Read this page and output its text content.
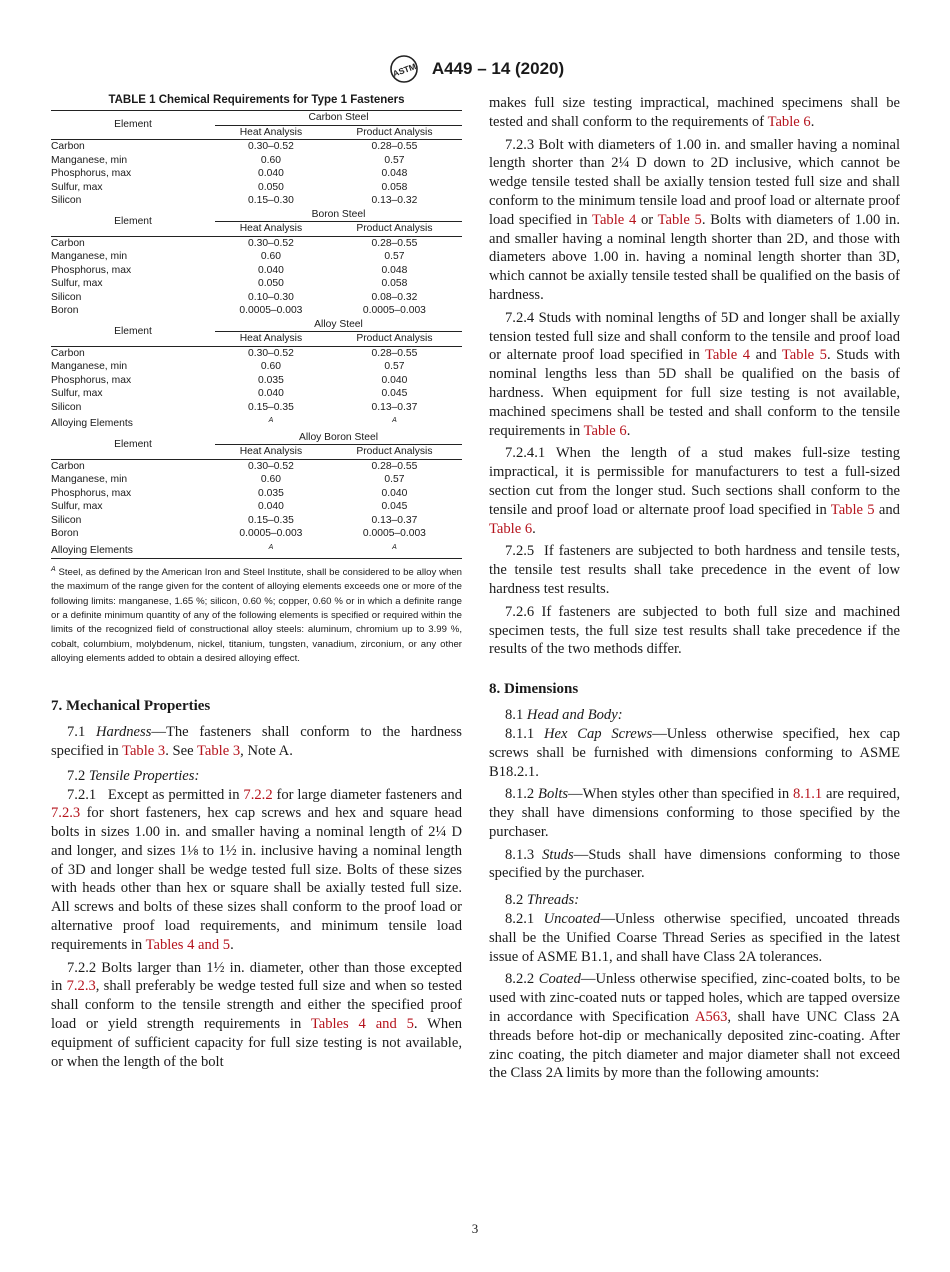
ASTM A449 – 14 (2020)
TABLE 1 Chemical Requirements for Type 1 Fasteners
Element	Carbon Steel	
	Heat Analysis	Product Analysis
Carbon	0.30–0.52	0.28–0.55
Manganese, min	0.60	0.57
Phosphorus, max	0.040	0.048
Sulfur, max	0.050	0.058
Silicon	0.15–0.30	0.13–0.32
Element	Boron Steel	
	Heat Analysis	Product Analysis
Carbon	0.30–0.52	0.28–0.55
Manganese, min	0.60	0.57
Phosphorus, max	0.040	0.048
Sulfur, max	0.050	0.058
Silicon	0.10–0.30	0.08–0.32
Boron	0.0005–0.003	0.0005–0.003
Element	Alloy Steel	
	Heat Analysis	Product Analysis
Carbon	0.30–0.52	0.28–0.55
Manganese, min	0.60	0.57
Phosphorus, max	0.035	0.040
Sulfur, max	0.040	0.045
Silicon	0.15–0.35	0.13–0.37
Alloying Elements	$^A$	$^A$
Element	Alloy Boron Steel	
	Heat Analysis	Product Analysis
Carbon	0.30–0.52	0.28–0.55
Manganese, min	0.60	0.57
Phosphorus, max	0.035	0.040
Sulfur, max	0.040	0.045
Silicon	0.15–0.35	0.13–0.37
Boron	0.0005–0.003	0.0005–0.003
Alloying Elements	$^A$	$^A$
$^A$ Steel, as defined by the American Iron and Steel Institute, shall be considered to be alloy when the maximum of the range given for the content of alloying elements exceeds one or more of the following limits: manganese, 1.65 %; silicon, 0.60 %; copper, 0.60 % or in which a definite range or a definite minimum quantity of any of the following elements is specified or required within the limits of the recognized field of constructional alloy steels: aluminum, chromium up to 3.99 %, cobalt, columbium, molybdenum, nickel, titanium, tungsten, vanadium, zirconium, or any other alloying elements added to obtain a desired alloying effect.
7. Mechanical Properties

7.1 Hardness—The fasteners shall conform to the hardness specified in Table 3. See Table 3, Note A.

7.2 Tensile Properties:

7.2.1 Except as permitted in 7.2.2 for large diameter fasteners and 7.2.3 for short fasteners, hex cap screws and hex and square head bolts in sizes 1.00 in. and smaller having a nominal length of 2¼ D and longer, and sizes 1⅛ to 1½ in. inclusive having a nominal length of 3D and longer shall be wedge tested full size. Bolts of these sizes with heads other than hex or square shall be axially tested full size. All screws and bolts of these sizes shall conform to the proof load or alternative proof load requirements, and minimum tensile load requirements in Tables 4 and 5.

7.2.2 Bolts larger than 1½ in. diameter, other than those excepted in 7.2.3, shall preferably be wedge tested full size and when so tested shall conform to the tensile strength and either the specified proof load or yield strength requirements in Tables 4 and 5. When equipment of sufficient capacity for full size testing is not available, or when the length of the bolt

makes full size testing impractical, machined specimens shall be tested and shall conform to the requirements of Table 6.

7.2.3 Bolt with diameters of 1.00 in. and smaller having a nominal length shorter than 2¼ D down to 2D inclusive, which cannot be wedge tensile tested shall be axially tension tested full size and shall conform to the minimum tensile load and proof load or alternate proof load specified in Table 4 or Table 5. Bolts with diameters of 1.00 in. and smaller having a nominal length shorter than 2D, and those with diameters above 1.00 in. having a nominal length shorter than 3D, which cannot be axially tensile tested shall be qualified on the basis of hardness.

7.2.4 Studs with nominal lengths of 5D and longer shall be axially tension tested full size and shall conform to the tensile and proof load or alternate proof load specified in Table 4 and Table 5. Studs with nominal lengths less than 5D shall be qualified on the basis of hardness. When equipment for full size testing is not available, machined specimens shall be tested and shall conform to the tensile requirements in Table 6.

7.2.4.1 When the length of a stud makes full-size testing impractical, it is permissible for manufacturers to test a full-sized section cut from the longer stud. Such sections shall conform to the tensile and proof load or alternate proof load specified in Table 5 and Table 6.

7.2.5 If fasteners are subjected to both hardness and tensile tests, the tensile test results shall take precedence in the event of low hardness test results.

7.2.6 If fasteners are subjected to both full size and machined specimen tests, the full size test results shall take precedence if the results of the two methods differ.

8. Dimensions

8.1 Head and Body:

8.1.1 Hex Cap Screws—Unless otherwise specified, hex cap screws shall be furnished with dimensions conforming to ASME B18.2.1.

8.1.2 Bolts—When styles other than specified in 8.1.1 are required, they shall have dimensions conforming to those specified by the purchaser.

8.1.3 Studs—Studs shall have dimensions conforming to those specified by the purchaser.

8.2 Threads:

8.2.1 Uncoated—Unless otherwise specified, uncoated threads shall be the Unified Coarse Thread Series as specified in the latest issue of ASME B1.1, and shall have Class 2A tolerances.

8.2.2 Coated—Unless otherwise specified, zinc-coated bolts, to be used with zinc-coated nuts or tapped holes, which are tapped oversize in accordance with Specification A563, shall have UNC Class 2A threads before hot-dip or mechanically deposited zinc-coating. After zinc coating, the pitch diameter and major diameter shall not exceed the Class 2A limits by more than the following amounts:

3
